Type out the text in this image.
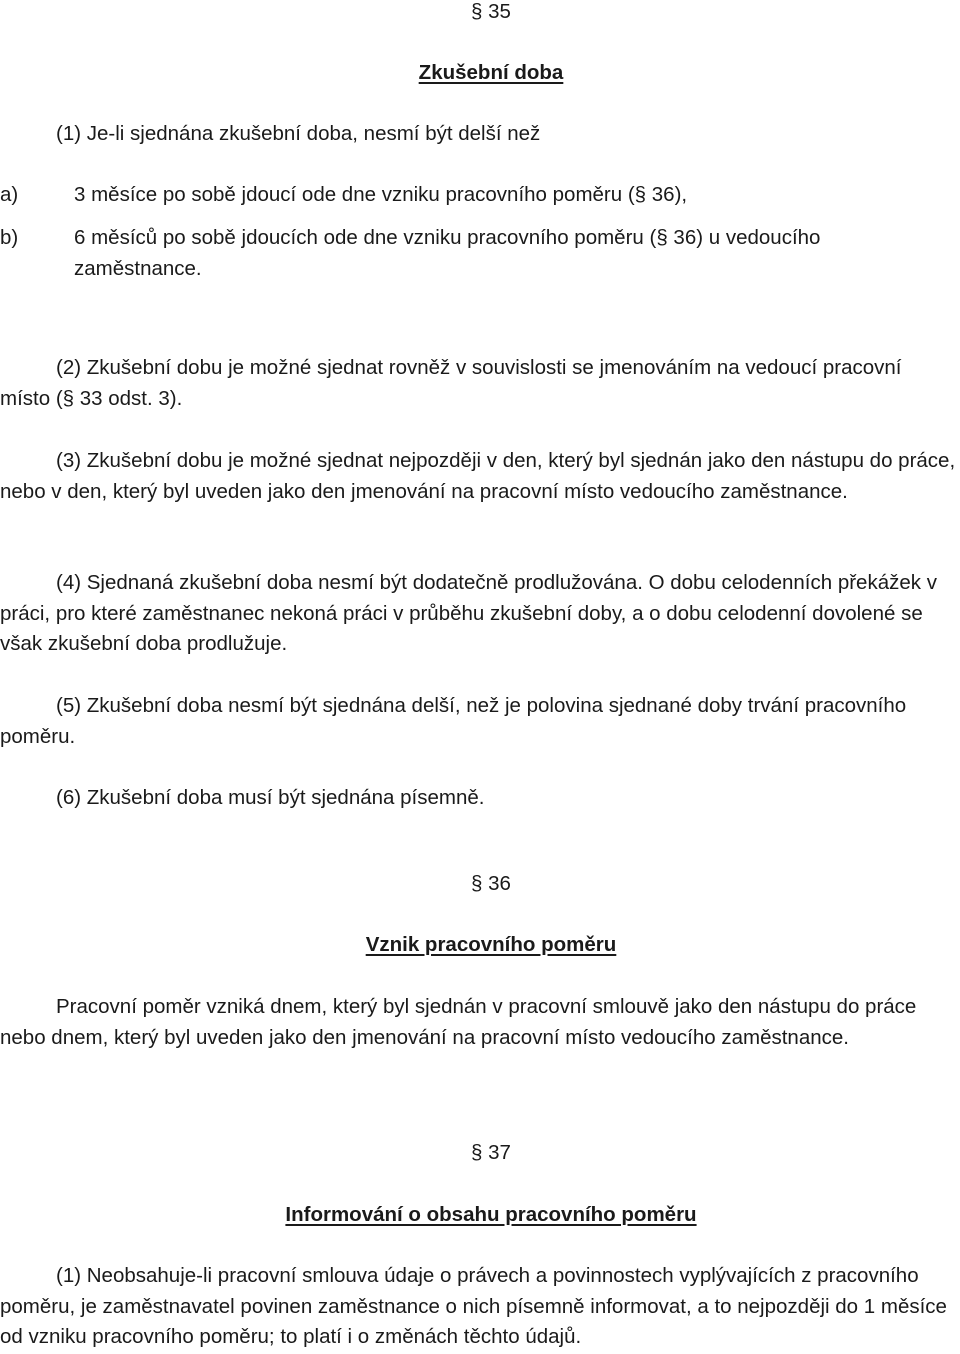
§ 35
Zkušební doba

(1) Je-li sjednána zkušební doba, nesmí být delší než

a)	3 měsíce po sobě jdoucí ode dne vzniku pracovního poměru (§ 36),
b)	6 měsíců po sobě jdoucích ode dne vzniku pracovního poměru (§ 36) u vedoucího zaměstnance.

(2) Zkušební dobu je možné sjednat rovněž v souvislosti se jmenováním na vedoucí pracovní místo (§ 33 odst. 3).

(3) Zkušební dobu je možné sjednat nejpozději v den, který byl sjednán jako den nástupu do práce, nebo v den, který byl uveden jako den jmenování na pracovní místo vedoucího zaměstnance.

(4) Sjednaná zkušební doba nesmí být dodatečně prodlužována. O dobu celodenních překážek v práci, pro které zaměstnanec nekoná práci v průběhu zkušební doby, a o dobu celodenní dovolené se však zkušební doba prodlužuje.

(5) Zkušební doba nesmí být sjednána delší, než je polovina sjednané doby trvání pracovního poměru.

(6) Zkušební doba musí být sjednána písemně.

§ 36
Vznik pracovního poměru

Pracovní poměr vzniká dnem, který byl sjednán v pracovní smlouvě jako den nástupu do práce nebo dnem, který byl uveden jako den jmenování na pracovní místo vedoucího zaměstnance.

§ 37
Informování o obsahu pracovního poměru

(1) Neobsahuje-li pracovní smlouva údaje o právech a povinnostech vyplývajících z pracovního poměru, je zaměstnavatel povinen zaměstnance o nich písemně informovat, a to nejpozději do 1 měsíce od vzniku pracovního poměru; to platí i o změnách těchto údajů.
